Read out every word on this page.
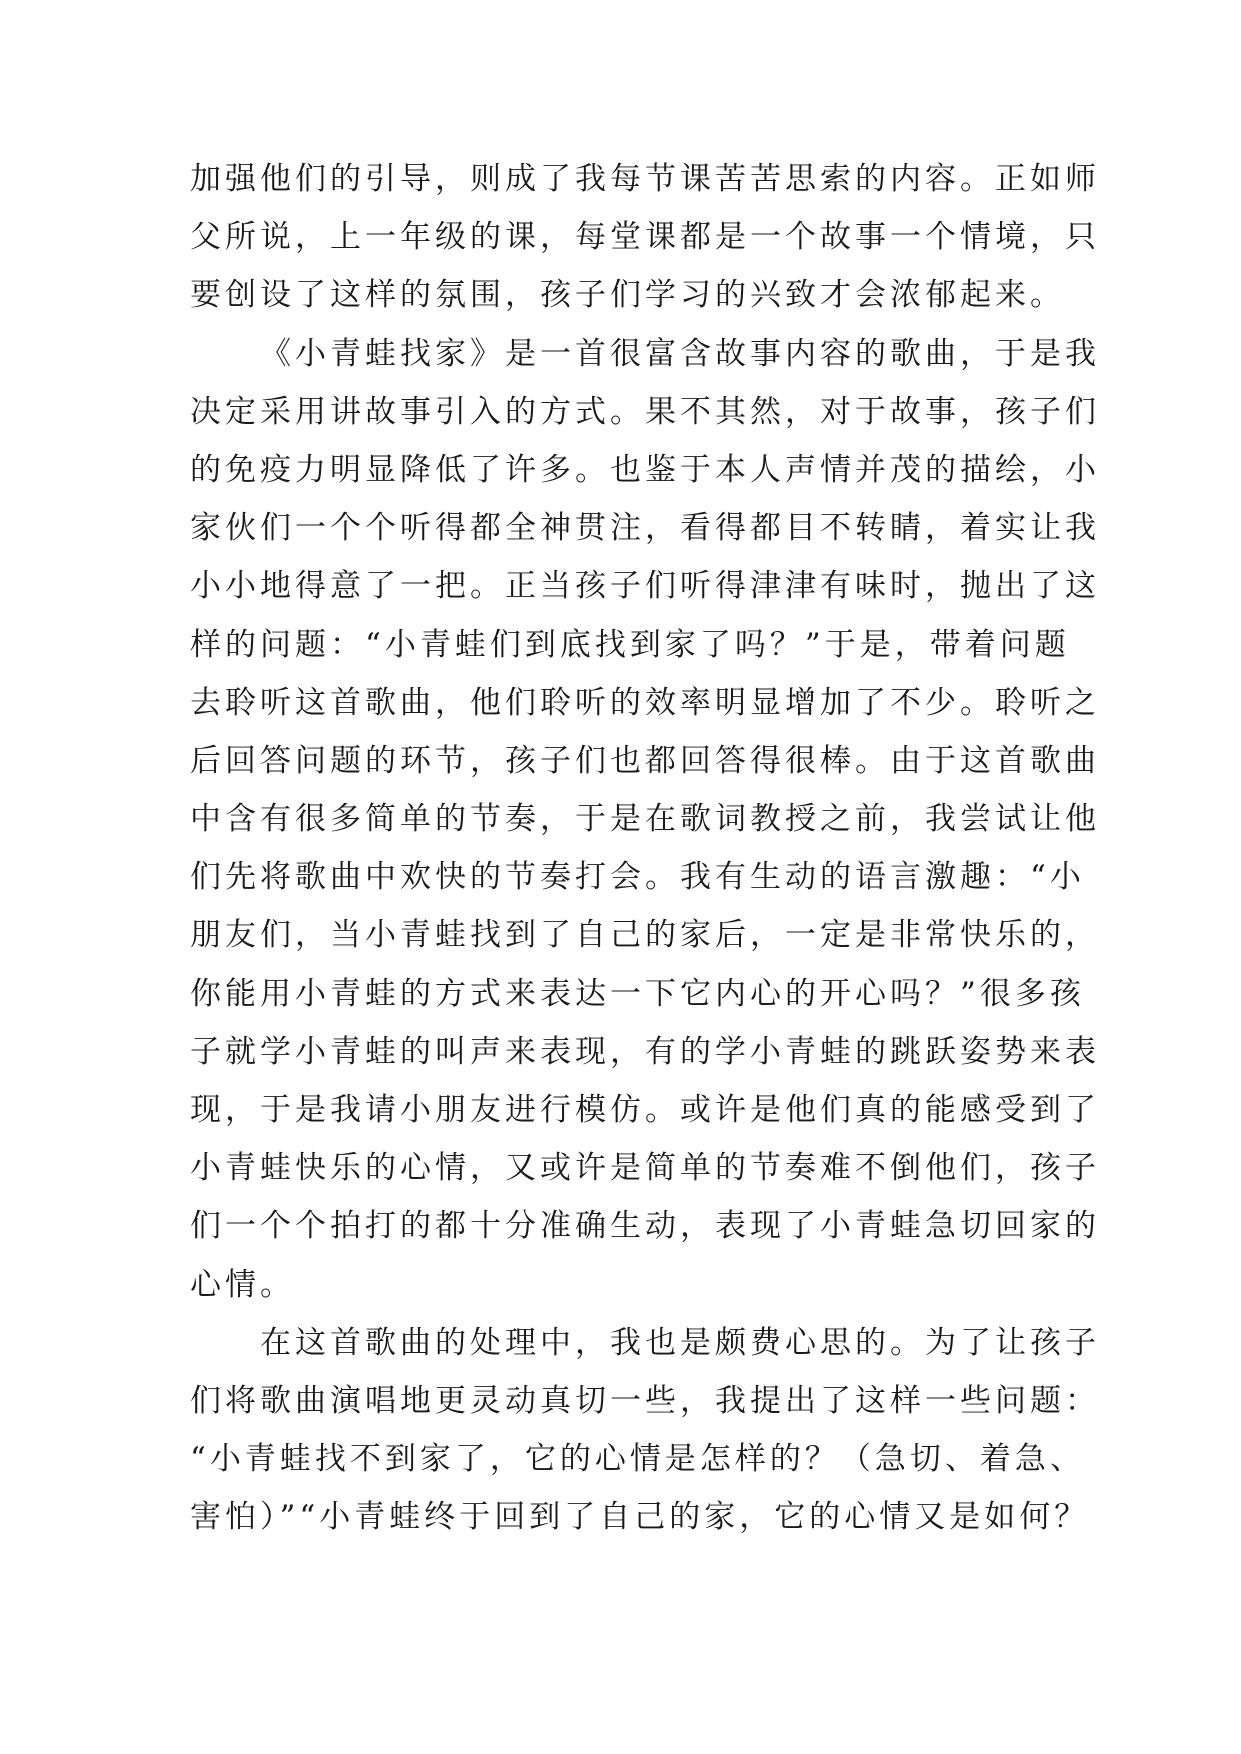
加强他们的引导，则成了我每节课苦苦思索的内容。正如师
父所说，上一年级的课，每堂课都是一个故事一个情境，只
要创设了这样的氛围，孩子们学习的兴致才会浓郁起来。
《小青蛙找家》是一首很富含故事内容的歌曲，于是我
决定采用讲故事引入的方式。果不其然，对于故事，孩子们
的免疫力明显降低了许多。也鉴于本人声情并茂的描绘，小
家伙们一个个听得都全神贯注，看得都目不转睛，着实让我
小小地得意了一把。正当孩子们听得津津有味时，抛出了这
样的问题：“小青蛙们到底找到家了吗？”于是，带着问题
去聆听这首歌曲，他们聆听的效率明显增加了不少。聆听之
后回答问题的环节，孩子们也都回答得很棒。由于这首歌曲
中含有很多简单的节奏，于是在歌词教授之前，我尝试让他
们先将歌曲中欢快的节奏打会。我有生动的语言激趣：“小
朋友们，当小青蛙找到了自己的家后，一定是非常快乐的，
你能用小青蛙的方式来表达一下它内心的开心吗？”很多孩
子就学小青蛙的叫声来表现，有的学小青蛙的跳跃姿势来表
现，于是我请小朋友进行模仿。或许是他们真的能感受到了
小青蛙快乐的心情，又或许是简单的节奏难不倒他们，孩子
们一个个拍打的都十分准确生动，表现了小青蛙急切回家的
心情。
在这首歌曲的处理中，我也是颇费心思的。为了让孩子
们将歌曲演唱地更灵动真切一些，我提出了这样一些问题：
“小青蛙找不到家了，它的心情是怎样的？（急切、着急、
害怕）”“小青蛙终于回到了自己的家，它的心情又是如何？
